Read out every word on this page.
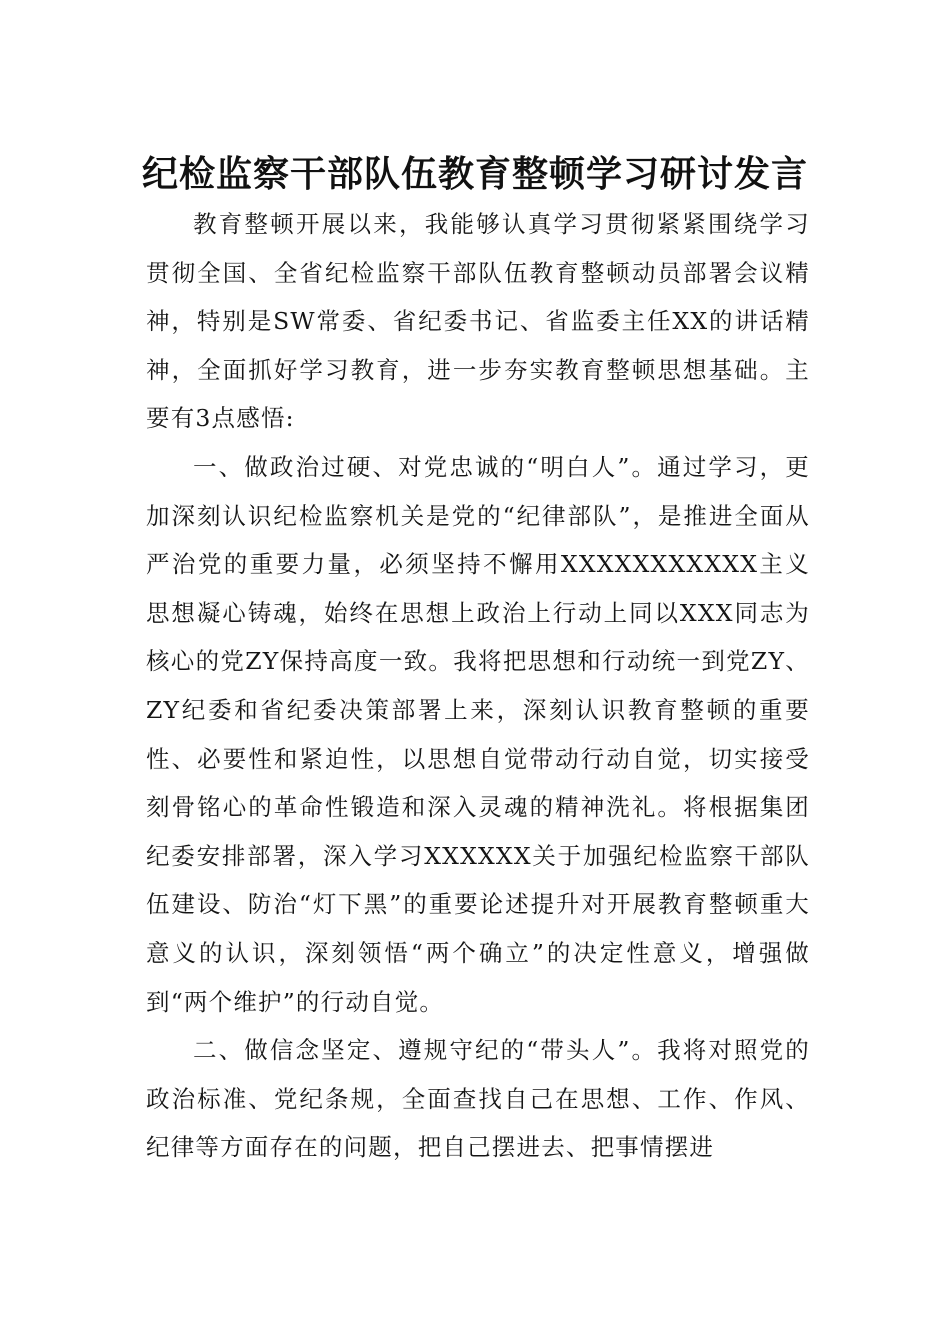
纪检监察干部队伍教育整顿学习研讨发言

教育整顿开展以来，我能够认真学习贯彻紧紧围绕学习贯彻全国、全省纪检监察干部队伍教育整顿动员部署会议精神，特别是SW常委、省纪委书记、省监委主任XX的讲话精神，全面抓好学习教育，进一步夯实教育整顿思想基础。主要有3点感悟:

一、做政治过硬、对党忠诚的“明白人”。通过学习，更加深刻认识纪检监察机关是党的“纪律部队”，是推进全面从严治党的重要力量，必须坚持不懈用XXXXXXXXXXX主义思想凝心铸魂，始终在思想上政治上行动上同以XXX同志为核心的党ZY保持高度一致。我将把思想和行动统一到党ZY、ZY纪委和省纪委决策部署上来，深刻认识教育整顿的重要性、必要性和紧迫性，以思想自觉带动行动自觉，切实接受刻骨铭心的革命性锻造和深入灵魂的精神洗礼。将根据集团纪委安排部署，深入学习XXXXXX关于加强纪检监察干部队伍建设、防治“灯下黑”的重要论述提升对开展教育整顿重大意义的认识，深刻领悟“两个确立”的决定性意义，增强做到“两个维护”的行动自觉。

二、做信念坚定、遵规守纪的“带头人”。我将对照党的政治标准、党纪条规，全面查找自己在思想、工作、作风、纪律等方面存在的问题，把自己摆进去、把事情摆进
